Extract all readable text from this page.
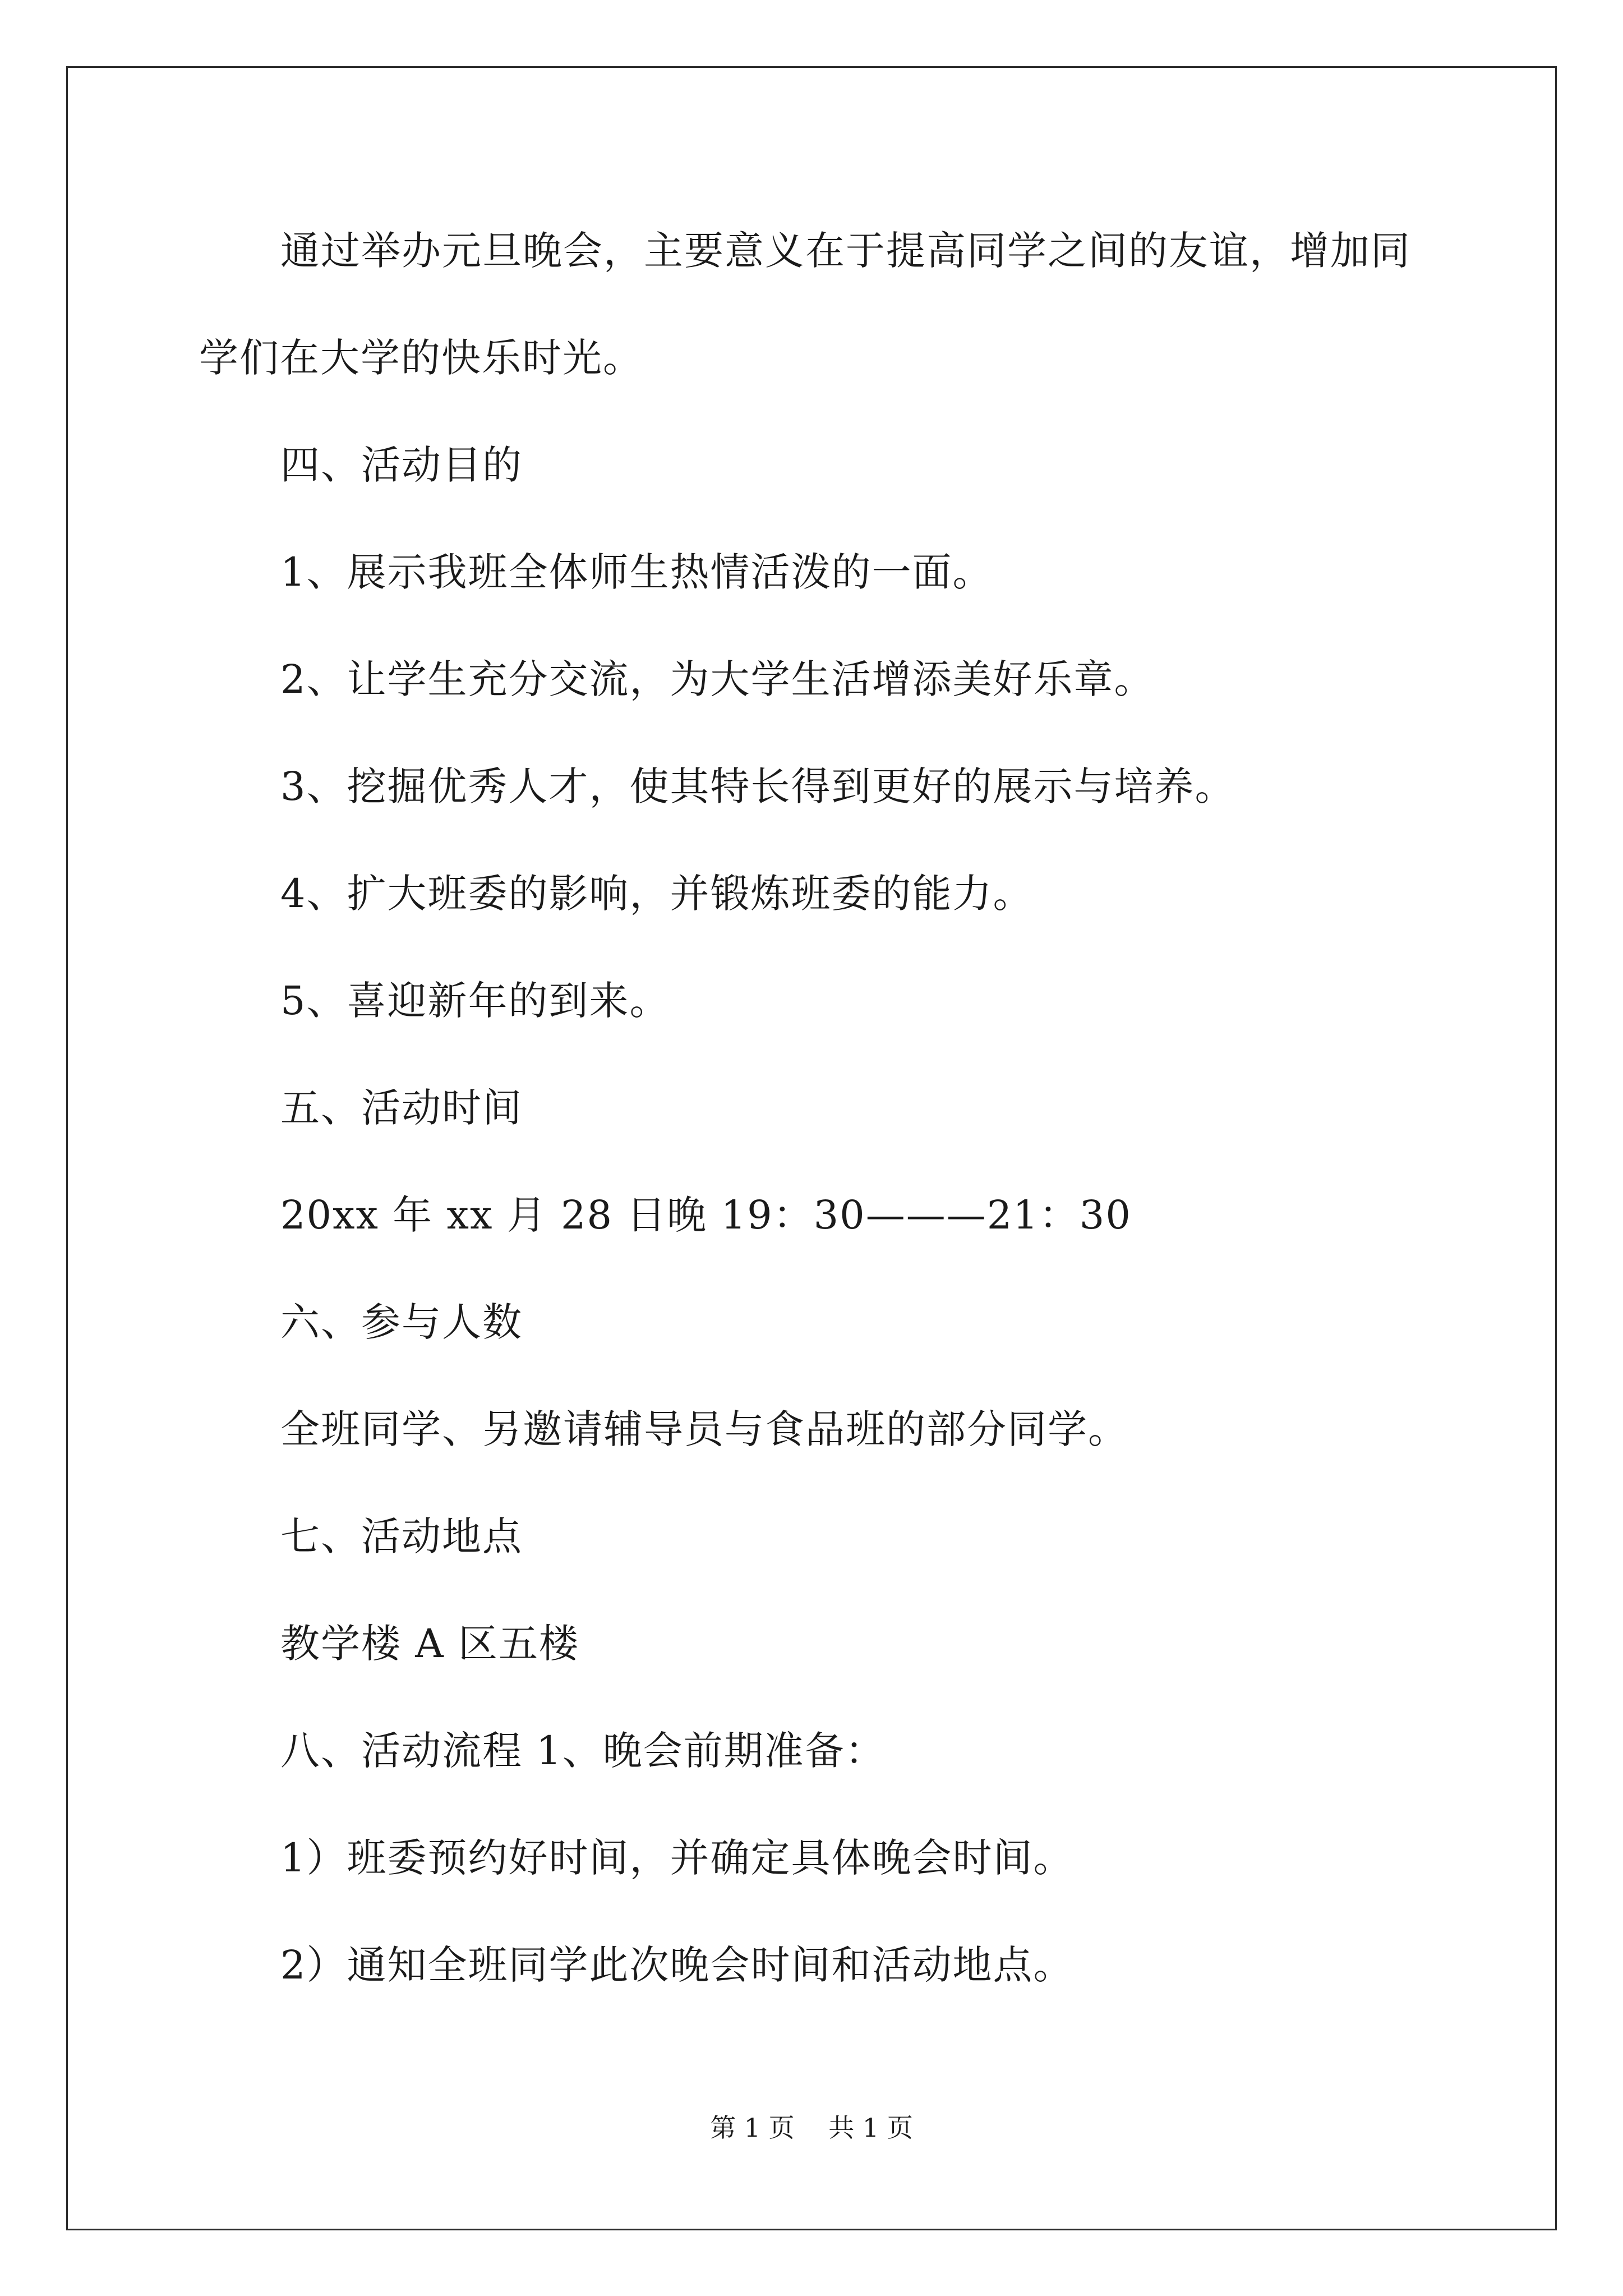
通过举办元旦晚会，主要意义在于提高同学之间的友谊，增加同
学们在大学的快乐时光。
四、活动目的
1、展示我班全体师生热情活泼的一面。
2、让学生充分交流，为大学生活增添美好乐章。
3、挖掘优秀人才，使其特长得到更好的展示与培养。
4、扩大班委的影响，并锻炼班委的能力。
5、喜迎新年的到来。
五、活动时间
20xx 年 xx 月 28 日晚 19：30———21：30
六、参与人数
全班同学、另邀请辅导员与食品班的部分同学。
七、活动地点
教学楼 A 区五楼
八、活动流程 1、晚会前期准备：
1）班委预约好时间，并确定具体晚会时间。
2）通知全班同学此次晚会时间和活动地点。
第 1 页　 共 1 页
